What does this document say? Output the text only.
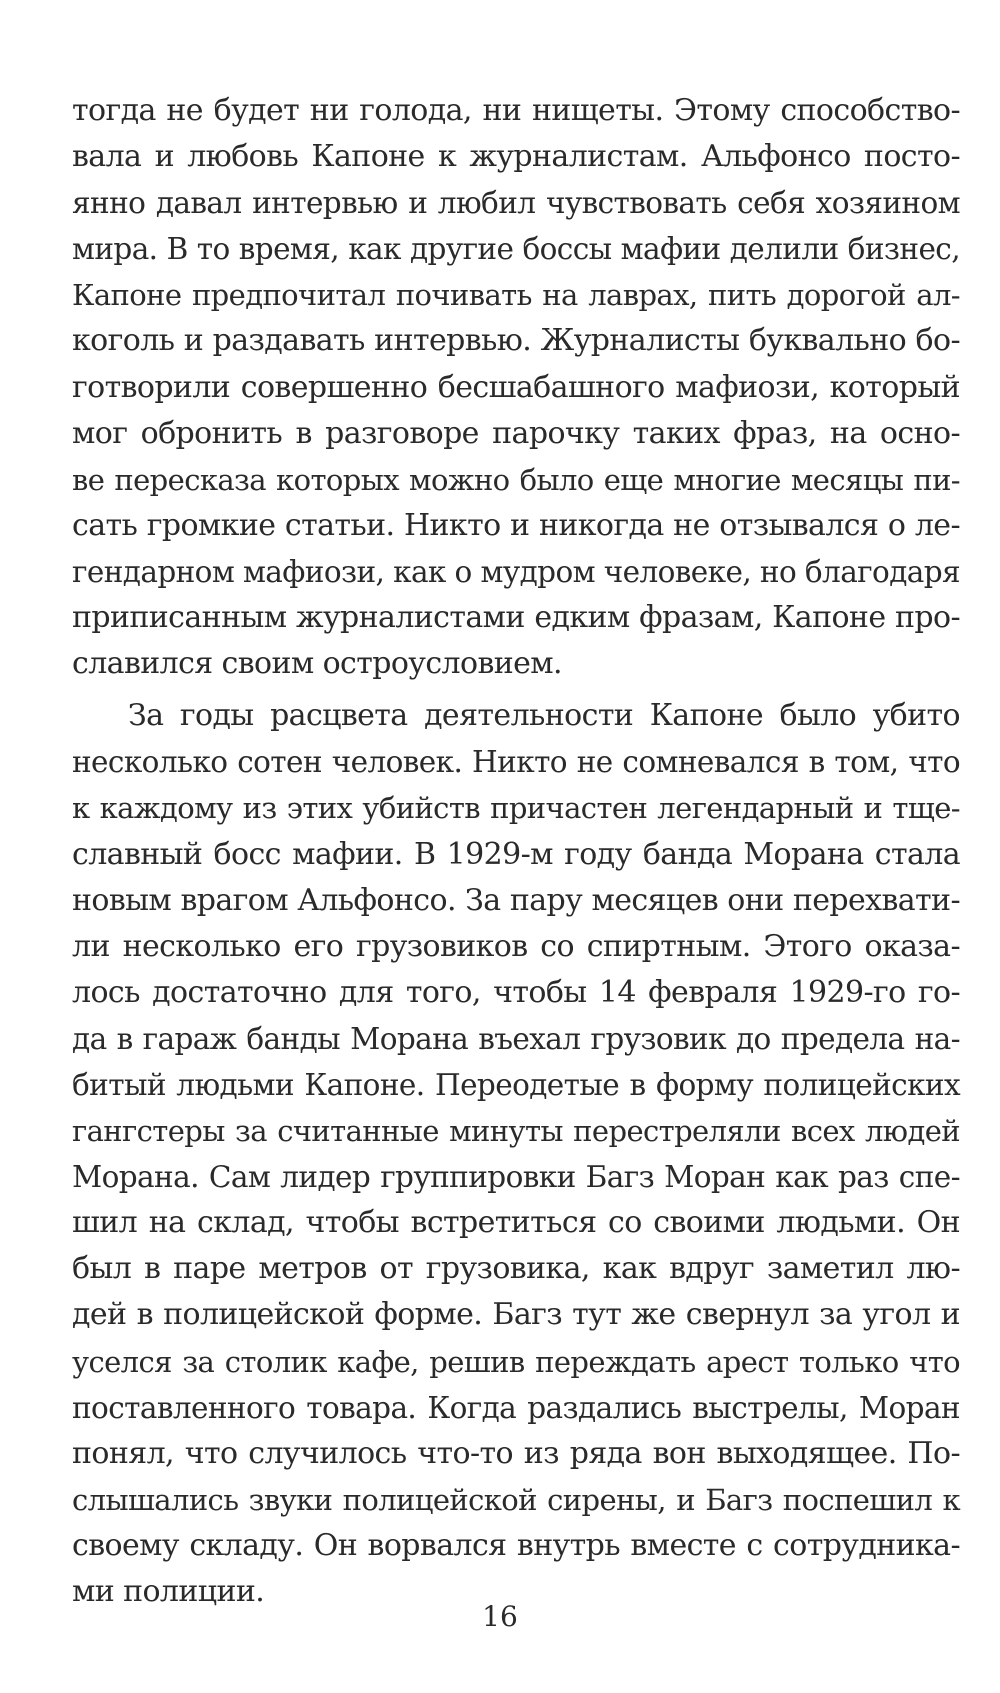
тогда не будет ни голода, ни нищеты. Этому способство-
вала и любовь Капоне к журналистам. Альфонсо посто-
янно давал интервью и любил чувствовать себя хозяином
мира. В то время, как другие боссы мафии делили бизнес,
Капоне предпочитал почивать на лаврах, пить дорогой ал-
коголь и раздавать интервью. Журналисты буквально бо-
готворили совершенно бесшабашного мафиози, который
мог обронить в разговоре парочку таких фраз, на осно-
ве пересказа которых можно было еще многие месяцы пи-
сать громкие статьи. Никто и никогда не отзывался о ле-
гендарном мафиози, как о мудром человеке, но благодаря
приписанным журналистами едким фразам, Капоне про-
славился своим остроусловием.
За годы расцвета деятельности Капоне было убито
несколько сотен человек. Никто не сомневался в том, что
к каждому из этих убийств причастен легендарный и тще-
славный босс мафии. В 1929-м году банда Морана стала
новым врагом Альфонсо. За пару месяцев они перехвати-
ли несколько его грузовиков со спиртным. Этого оказа-
лось достаточно для того, чтобы 14 февраля 1929-го го-
да в гараж банды Морана въехал грузовик до предела на-
битый людьми Капоне. Переодетые в форму полицейских
гангстеры за считанные минуты перестреляли всех людей
Морана. Сам лидер группировки Багз Моран как раз спе-
шил на склад, чтобы встретиться со своими людьми. Он
был в паре метров от грузовика, как вдруг заметил лю-
дей в полицейской форме. Багз тут же свернул за угол и
уселся за столик кафе, решив переждать арест только что
поставленного товара. Когда раздались выстрелы, Моран
понял, что случилось что-то из ряда вон выходящее. По-
слышались звуки полицейской сирены, и Багз поспешил к
своему складу. Он ворвался внутрь вместе с сотрудника-
ми полиции.
16
